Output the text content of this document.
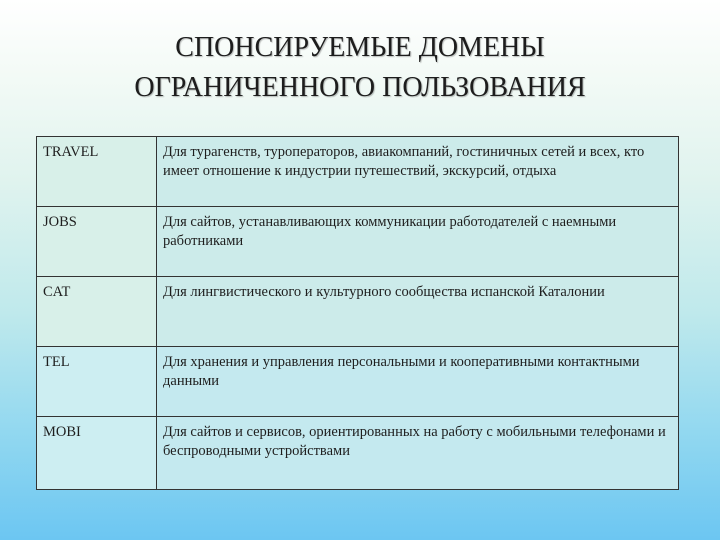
СПОНСИРУЕМЫЕ ДОМЕНЫ
ОГРАНИЧЕННОГО ПОЛЬЗОВАНИЯ
TRAVEL	Для турагенств, туроператоров, авиакомпаний, гостиничных сетей и всех, кто имеет отношение к индустрии путешествий, экскурсий, отдыха
JOBS	Для сайтов, устанавливающих коммуникации работодателей с наемными работниками
CAT	Для лингвистического и культурного сообщества испанской Каталонии
TEL	Для хранения и управления персональными и кооперативными контактными данными
MOBI	Для сайтов и сервисов, ориентированных на работу с мобильными телефонами и беспроводными устройствами
